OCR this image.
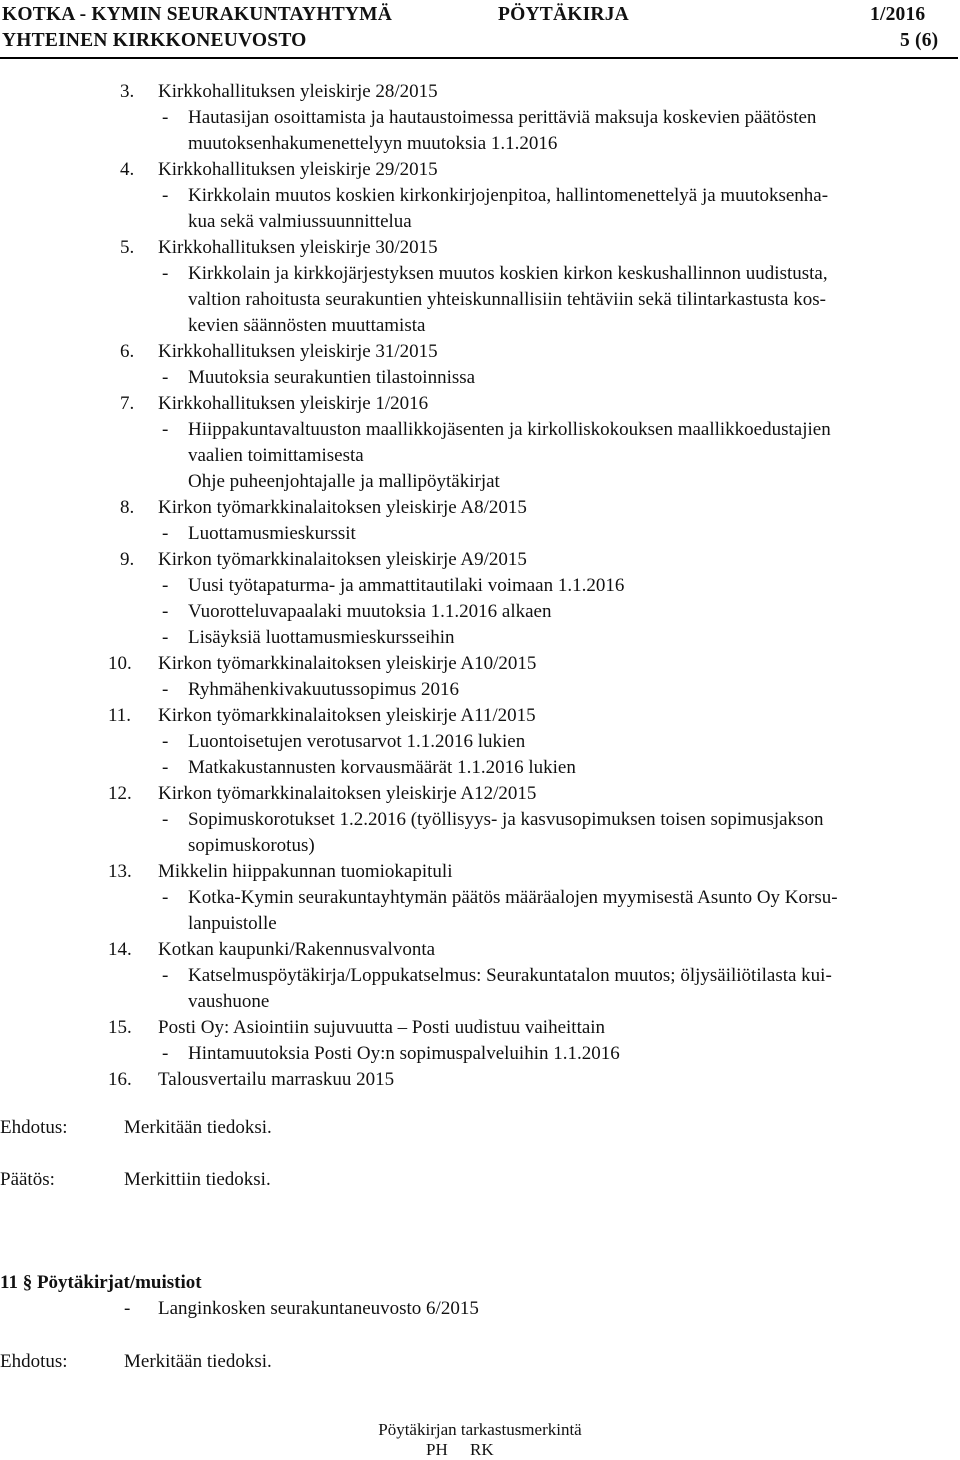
KOTKA - KYMIN SEURAKUNTAYHTYMÄ	PÖYTÄKIRJA	1/2016
YHTEINEN KIRKKONEUVOSTO	5 (6)
3.	Kirkkohallituksen yleiskirje 28/2015
- Hautasijan osoittamista ja hautaustoimessa perittäviä maksuja koskevien päätösten
muutoksenhakumenettelyyn muutoksia 1.1.2016
4.	Kirkkohallituksen yleiskirje 29/2015
- Kirkkolain muutos koskien kirkonkirjojenpitoa, hallintomenettelyä ja muutoksenha-
kua sekä valmiussuunnittelua
5.	Kirkkohallituksen yleiskirje 30/2015
- Kirkkolain ja kirkkojärjestyksen muutos koskien kirkon keskushallinnon uudistusta,
valtion rahoitusta seurakuntien yhteiskunnallisiin tehtäviin sekä tilintarkastusta kos-
kevien säännösten muuttamista
6.	Kirkkohallituksen yleiskirje 31/2015
- Muutoksia seurakuntien tilastoinnissa
7.	Kirkkohallituksen yleiskirje 1/2016
- Hiippakuntavaltuuston maallikkojäsenten ja kirkolliskokouksen maallikkoedustajien
vaalien toimittamisesta
Ohje puheenjohtajalle ja mallipöytäkirjat
8.	Kirkon työmarkkinalaitoksen yleiskirje A8/2015
- Luottamusmieskurssit
9.	Kirkon työmarkkinalaitoksen yleiskirje A9/2015
- Uusi työtapaturma- ja ammattitautilaki voimaan 1.1.2016
- Vuorotteluvapaalaki muutoksia 1.1.2016 alkaen
- Lisäyksiä luottamusmieskursseihin
10.	Kirkon työmarkkinalaitoksen yleiskirje A10/2015
- Ryhmähenkivakuutussopimus 2016
11.	Kirkon työmarkkinalaitoksen yleiskirje A11/2015
- Luontoisetujen verotusarvot 1.1.2016 lukien
- Matkakustannusten korvausmäärät 1.1.2016 lukien
12.	Kirkon työmarkkinalaitoksen yleiskirje A12/2015
- Sopimuskorotukset 1.2.2016 (työllisyys- ja kasvusopimuksen toisen sopimusjakson
sopimuskorotus)
13.	Mikkelin hiippakunnan tuomiokapituli
- Kotka-Kymin seurakuntayhtymän päätös määräalojen myymisestä Asunto Oy Korsu-
lanpuistolle
14.	Kotkan kaupunki/Rakennusvalvonta
- Katselmuspöytäkirja/Loppukatselmus: Seurakuntatalon muutos; öljysäiliötilasta kui-
vaushuone
15.	Posti Oy: Asiointiin sujuvuutta – Posti uudistuu vaiheittain
- Hintamuutoksia Posti Oy:n sopimuspalveluihin 1.1.2016
16.	Talousvertailu marraskuu 2015
Ehdotus:	Merkitään tiedoksi.
Päätös:	Merkittiin tiedoksi.
11 § Pöytäkirjat/muistiot
- Langinkosken seurakuntaneuvosto 6/2015
Ehdotus:	Merkitään tiedoksi.
Pöytäkirjan tarkastusmerkintä
PH RK
